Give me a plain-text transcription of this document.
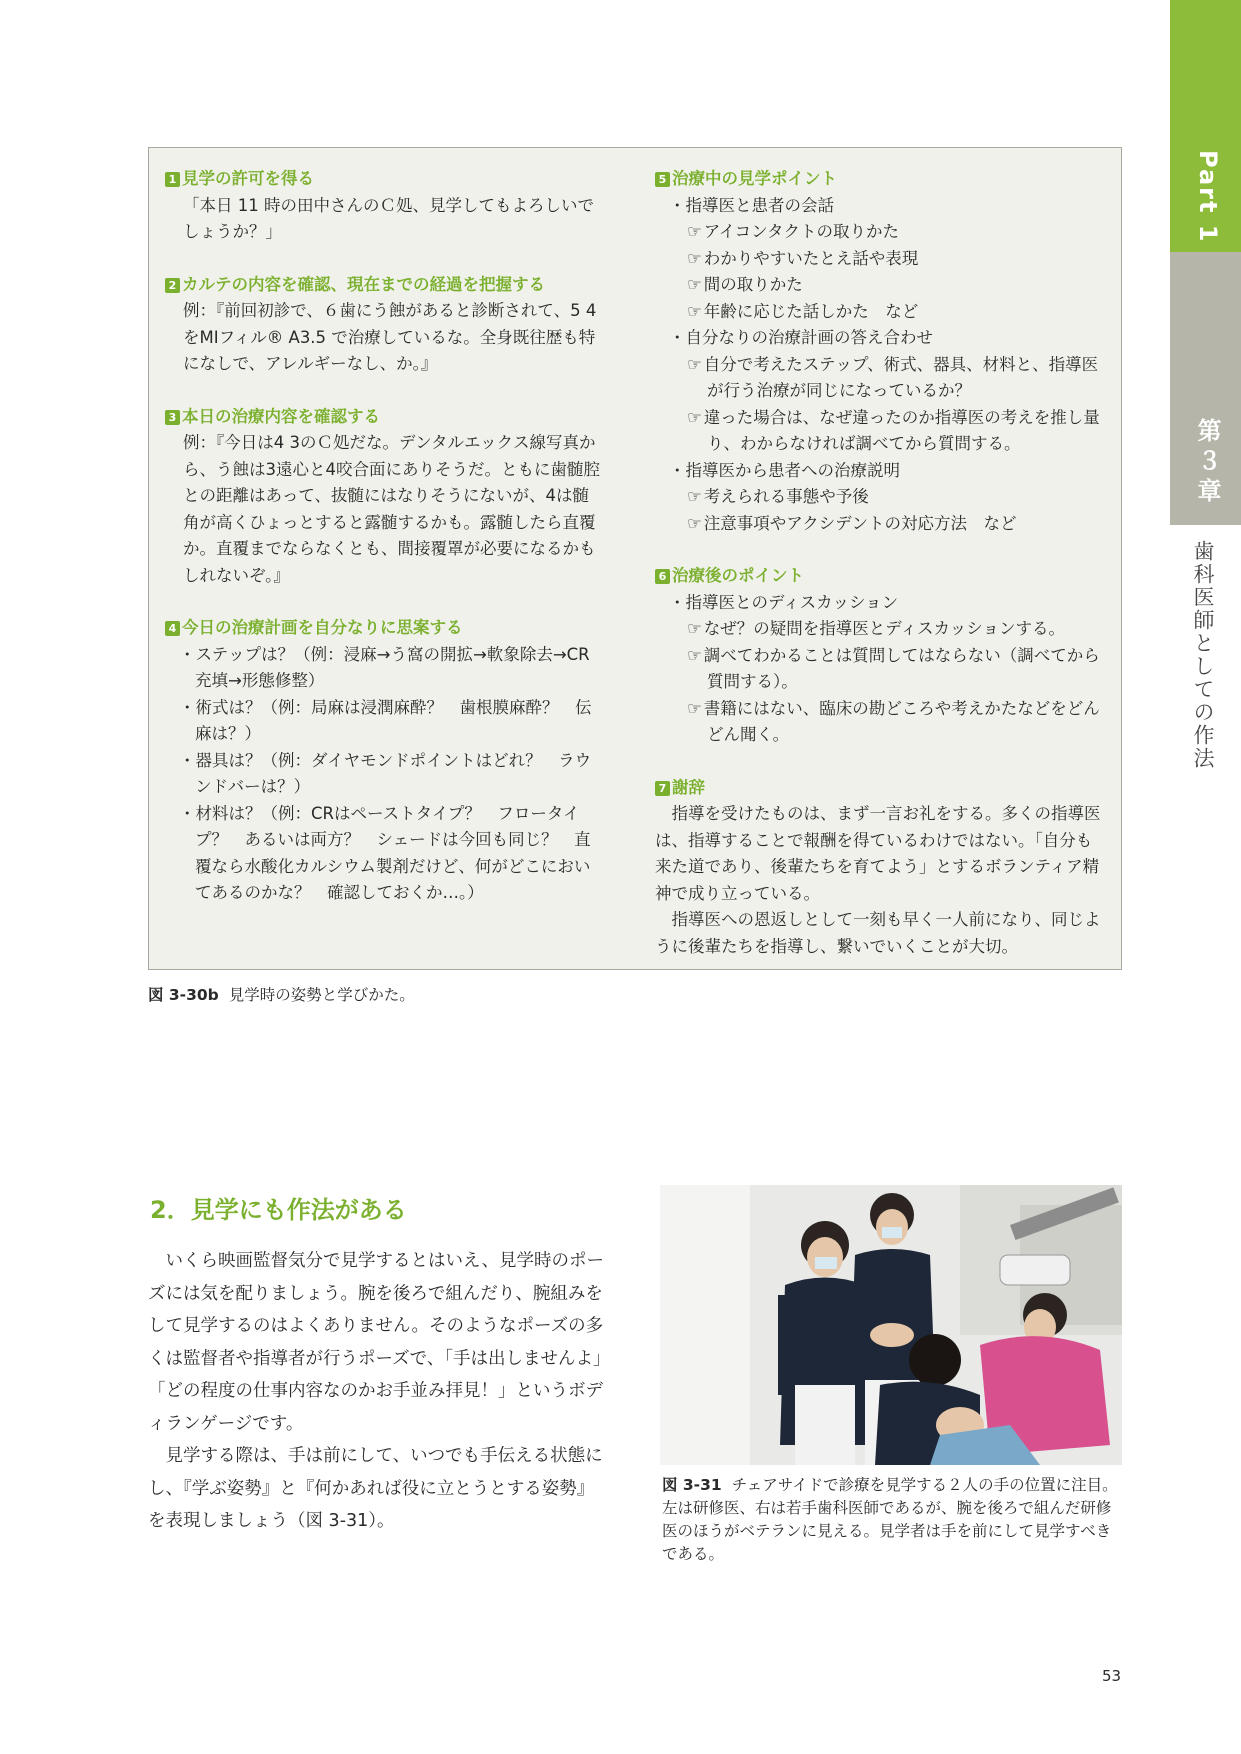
Part 1
第３章
歯科医師としての作法

1 見学の許可を得る

「本日 11 時の田中さんのＣ処、見学してもよろしいでしょうか？」

2 カルテの内容を確認、現在までの経過を把握する

例：『前回初診で、６歯にう蝕があると診断されて、5 4をMIフィル® A3.5 で治療しているな。全身既往歴も特になしで、アレルギーなし、か。』

3 本日の治療内容を確認する

例：『今日は4 3のＣ処だな。デンタルエックス線写真から、う蝕は3遠心と4咬合面にありそうだ。ともに歯髄腔との距離はあって、抜髄にはなりそうにないが、4は髄角が高くひょっとすると露髄するかも。露髄したら直覆か。直覆までならなくとも、間接覆罩が必要になるかもしれないぞ。』

4 今日の治療計画を自分なりに思案する

・ ステップは？（例：浸麻→う窩の開拡→軟象除去→CR 充填→形態修整）

・ 術式は？（例：局麻は浸潤麻酔？　歯根膜麻酔？　伝麻は？）

・ 器具は？（例：ダイヤモンドポイントはどれ？　ラウンドバーは？）

・ 材料は？（例：CRはペーストタイプ？　フロータイプ？　あるいは両方？　シェードは今回も同じ？　直覆なら水酸化カルシウム製剤だけど、何がどこにおいてあるのかな？　確認しておくか…。）

5 治療中の見学ポイント

・ 指導医と患者の会話

☞ アイコンタクトの取りかた

☞ わかりやすいたとえ話や表現

☞ 間の取りかた

☞ 年齢に応じた話しかた　など

・ 自分なりの治療計画の答え合わせ

☞ 自分で考えたステップ、術式、器具、材料と、指導医が行う治療が同じになっているか？

☞ 違った場合は、なぜ違ったのか指導医の考えを推し量り、わからなければ調べてから質問する。

・ 指導医から患者への治療説明

☞ 考えられる事態や予後

☞ 注意事項やアクシデントの対応方法　など

6 治療後のポイント

・ 指導医とのディスカッション

☞ なぜ？の疑問を指導医とディスカッションする。

☞ 調べてわかることは質問してはならない（調べてから質問する）。

☞ 書籍にはない、臨床の勘どころや考えかたなどをどんどん聞く。

7 謝辞

指導を受けたものは、まず一言お礼をする。多くの指導医は、指導することで報酬を得ているわけではない。「自分も来た道であり、後輩たちを育てよう」とするボランティア精神で成り立っている。

指導医への恩返しとして一刻も早く一人前になり、同じように後輩たちを指導し、繋いでいくことが大切。

図 3-30b 見学時の姿勢と学びかた。
2．見学にも作法がある

いくら映画監督気分で見学するとはいえ、見学時のポーズには気を配りましょう。腕を後ろで組んだり、腕組みをして見学するのはよくありません。そのようなポーズの多くは監督者や指導者が行うポーズで、「手は出しませんよ」「どの程度の仕事内容なのかお手並み拝見！」というボディランゲージです。

見学する際は、手は前にして、いつでも手伝える状態にし、『学ぶ姿勢』と『何かあれば役に立とうとする姿勢』を表現しましょう（図 3-31）。

図 3-31 チェアサイドで診療を見学する２人の手の位置に注目。左は研修医、右は若手歯科医師であるが、腕を後ろで組んだ研修医のほうがベテランに見える。見学者は手を前にして見学すべきである。
53
